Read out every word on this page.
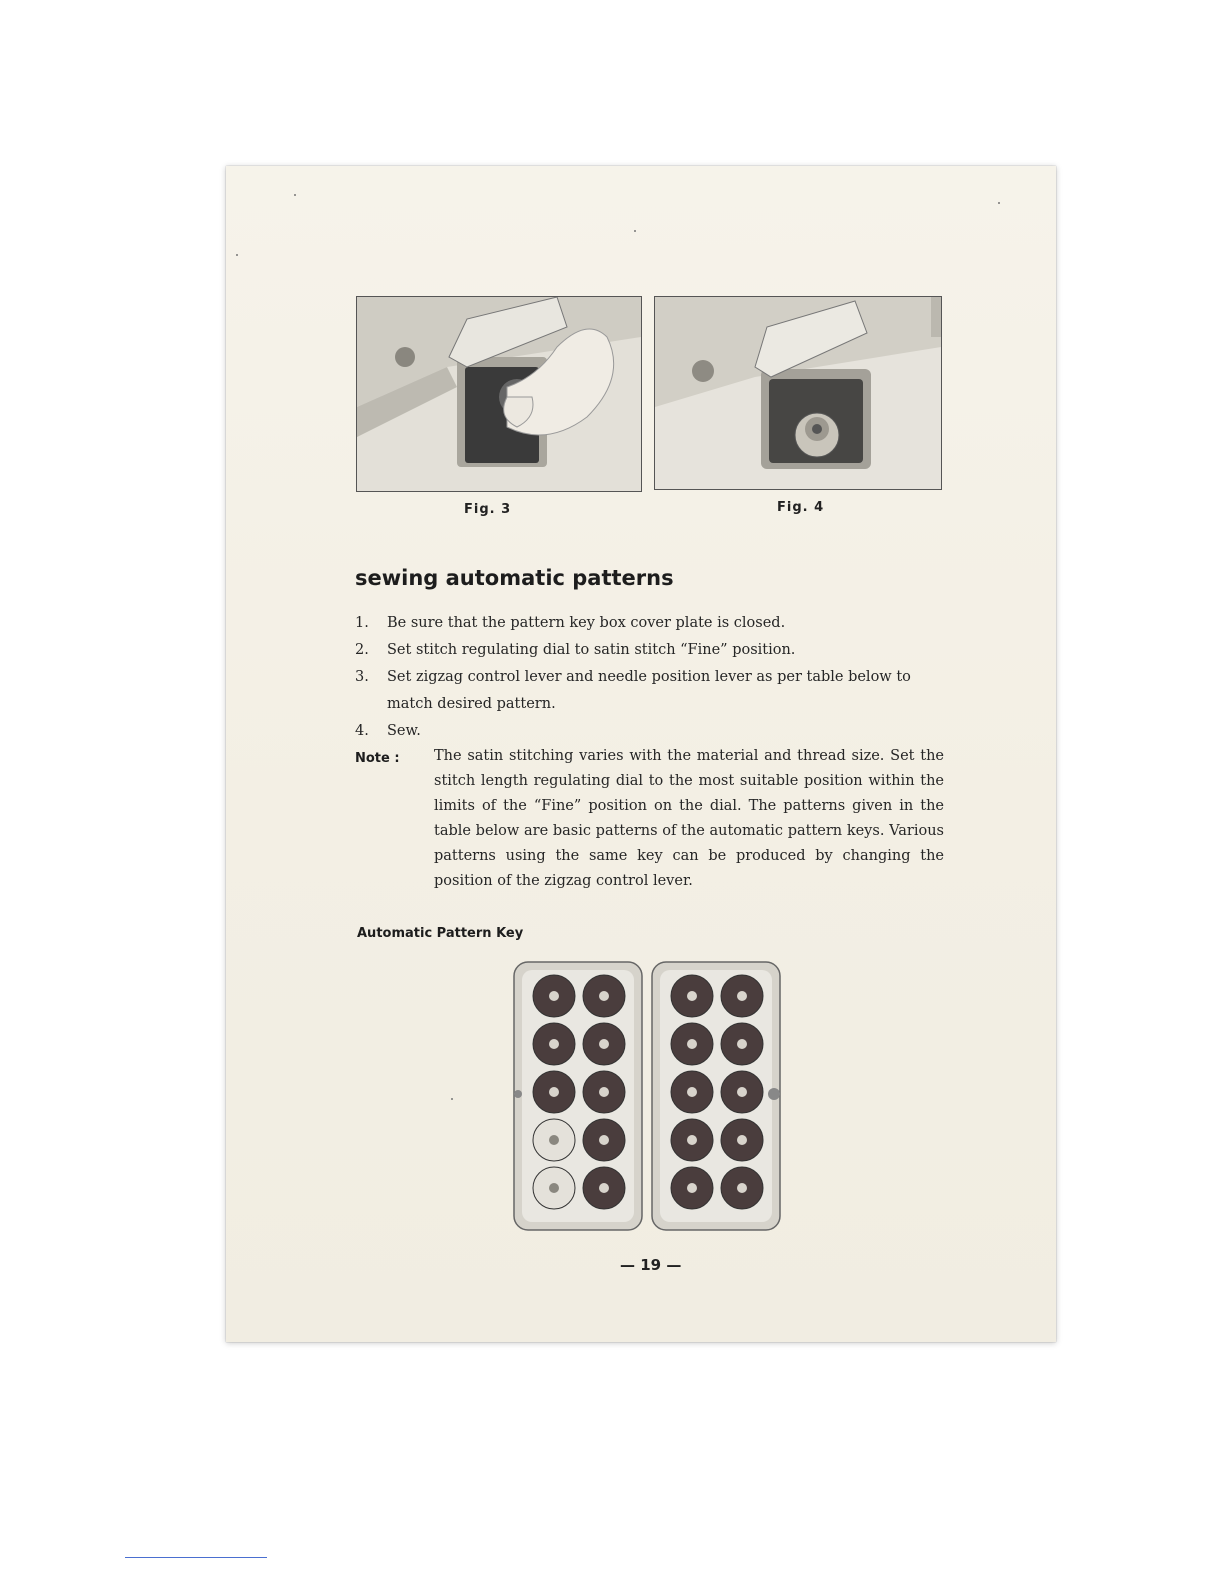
Fig. 3	Fig. 4
sewing automatic patterns
1.	Be sure that the pattern key box cover plate is closed.
2.	Set stitch regulating dial to satin stitch “Fine” position.
3.	Set zigzag control lever and needle position lever as per table below to match desired pattern.
4.	Sew.
Note : The satin stitching varies with the material and thread size. Set the stitch length regulating dial to the most suitable position within the limits of the “Fine” position on the dial. The patterns given in the table below are basic patterns of the automatic pattern keys. Various patterns using the same key can be produced by changing the position of the zigzag control lever.

Automatic Pattern Key
— 19 —
